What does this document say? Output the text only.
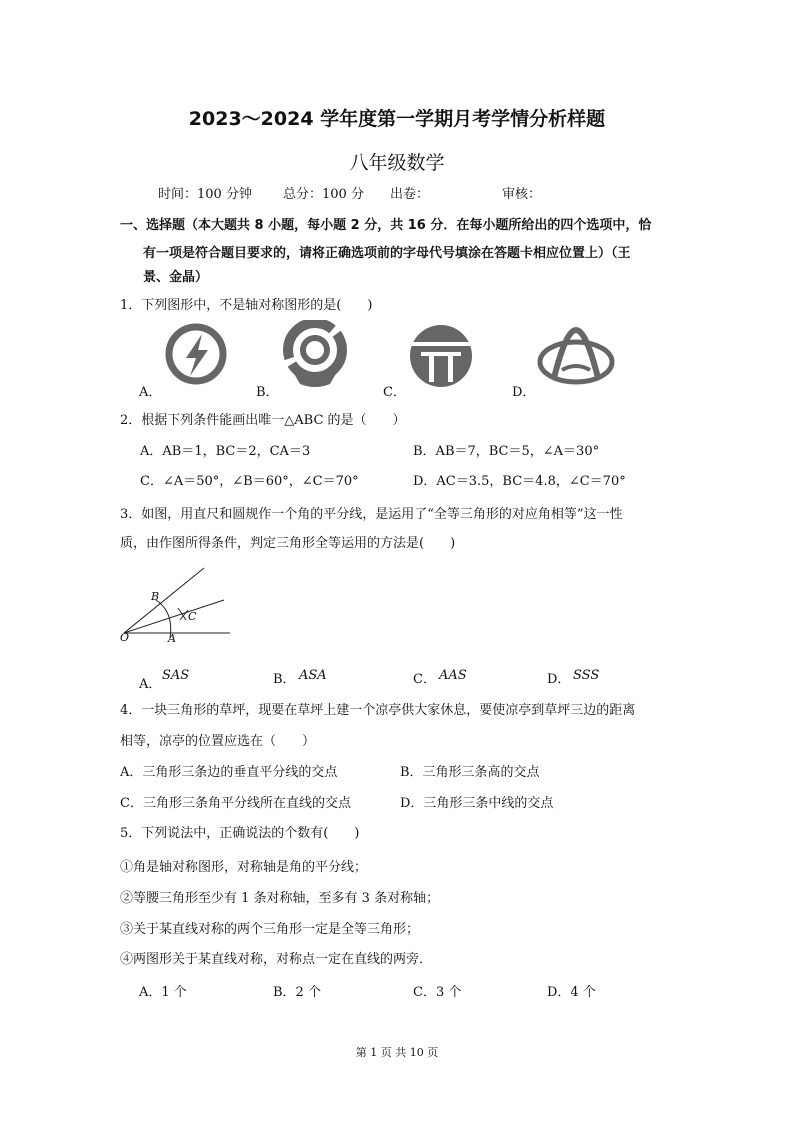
2023～2024 学年度第一学期月考学情分析样题
八年级数学
时间：100 分钟 总分：100 分 出卷：	审核：
一、选择题（本大题共 8 小题，每小题 2 分，共 16 分．在每小题所给出的四个选项中，恰
有一项是符合题目要求的，请将正确选项前的字母代号填涂在答题卡相应位置上）（王
景、金晶）
1．下列图形中，不是轴对称图形的是(　　)
A．	B．	C．	D．
2．根据下列条件能画出唯一△ABC 的是（　　）
A．AB＝1，BC＝2，CA＝3	B．AB＝7，BC＝5，∠A＝30°
C．∠A＝50°，∠B＝60°，∠C＝70°	D．AC＝3.5，BC＝4.8，∠C＝70°
3．如图，用直尺和圆规作一个角的平分线，是运用了“全等三角形的对应角相等”这一性
质，由作图所得条件，判定三角形全等运用的方法是(　　)
O	A
B
C
A．
SAS	B． ASA	C． AAS	D． SSS
4．一块三角形的草坪，现要在草坪上建一个凉亭供大家休息，要使凉亭到草坪三边的距离
相等，凉亭的位置应选在（　　）
A．三角形三条边的垂直平分线的交点	B．三角形三条高的交点
C．三角形三条角平分线所在直线的交点	D．三角形三条中线的交点
5．下列说法中，正确说法的个数有(　　)
①角是轴对称图形，对称轴是角的平分线；
②等腰三角形至少有 1 条对称轴，至多有 3 条对称轴；
③关于某直线对称的两个三角形一定是全等三角形；
④两图形关于某直线对称，对称点一定在直线的两旁．
A．1 个	B．2 个	C．3 个	D．4 个
第 1 页 共 10 页
